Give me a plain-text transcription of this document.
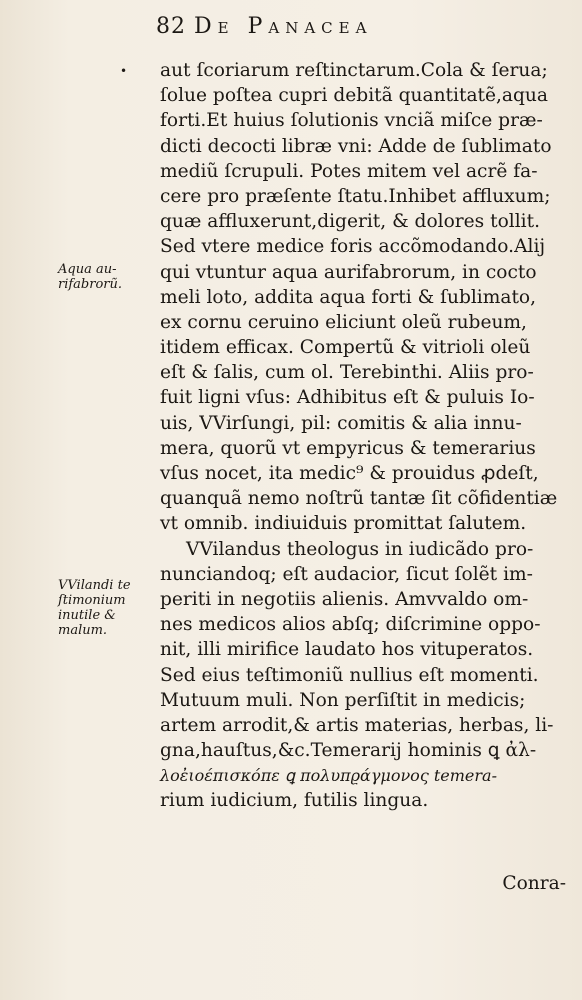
82 De Panacea
•
Aqua au-
rifabrorũ.
VVilandi te
ſtimonium
inutile &
malum.
aut ſcoriarum reſtinctarum.Cola & ſerua;
ſolue poſtea cupri debitã quantitatẽ,aqua
forti.Et huius ſolutionis vnciã miſce præ-
dicti decocti libræ vni: Adde de ſublimato
mediũ ſcrupuli. Potes mitem vel acrẽ fa-
cere pro præſente ſtatu.Inhibet affluxum;
quæ affluxerunt,digerit, & dolores tollit.
Sed vtere medice foris accõmodando.Alij
qui vtuntur aqua aurifabrorum, in cocto
meli loto, addita aqua forti & ſublimato,
ex cornu ceruino eliciunt oleũ rubeum,
itidem efficax. Compertũ & vitrioli oleũ
eſt & ſalis, cum ol. Terebinthi. Aliis pro-
fuit ligni vſus: Adhibitus eſt & puluis Io-
uis, VVirſungi, pil: comitis & alia innu-
mera, quorũ vt empyricus & temerarius
vſus nocet, ita medic⁹ & prouidus ꝓdeſt,
quanquã nemo noſtrũ tantæ ſit cõfidentiæ
vt omnib. indiuiduis promittat ſalutem.
VVilandus theologus in iudicãdo pro-
nunciandoq; eſt audacior, ſicut ſolẽt im-
periti in negotiis alienis. Amvvaldo om-
nes medicos alios abſq; diſcrimine oppo-
nit, illi mirifice laudato hos vituperatos.
Sed eius teſtimoniũ nullius eſt momenti.
Mutuum muli. Non perſiſtit in medicis;
artem arrodit,& artis materias, herbas, li-
gna,hauſtus,&c.Temerarij hominis ꝗ ἀλ-
λοἐιοέπισκόπε ꝗ πολυπϱάγμονος temera-
rium iudicium, futilis lingua.
Conra-
